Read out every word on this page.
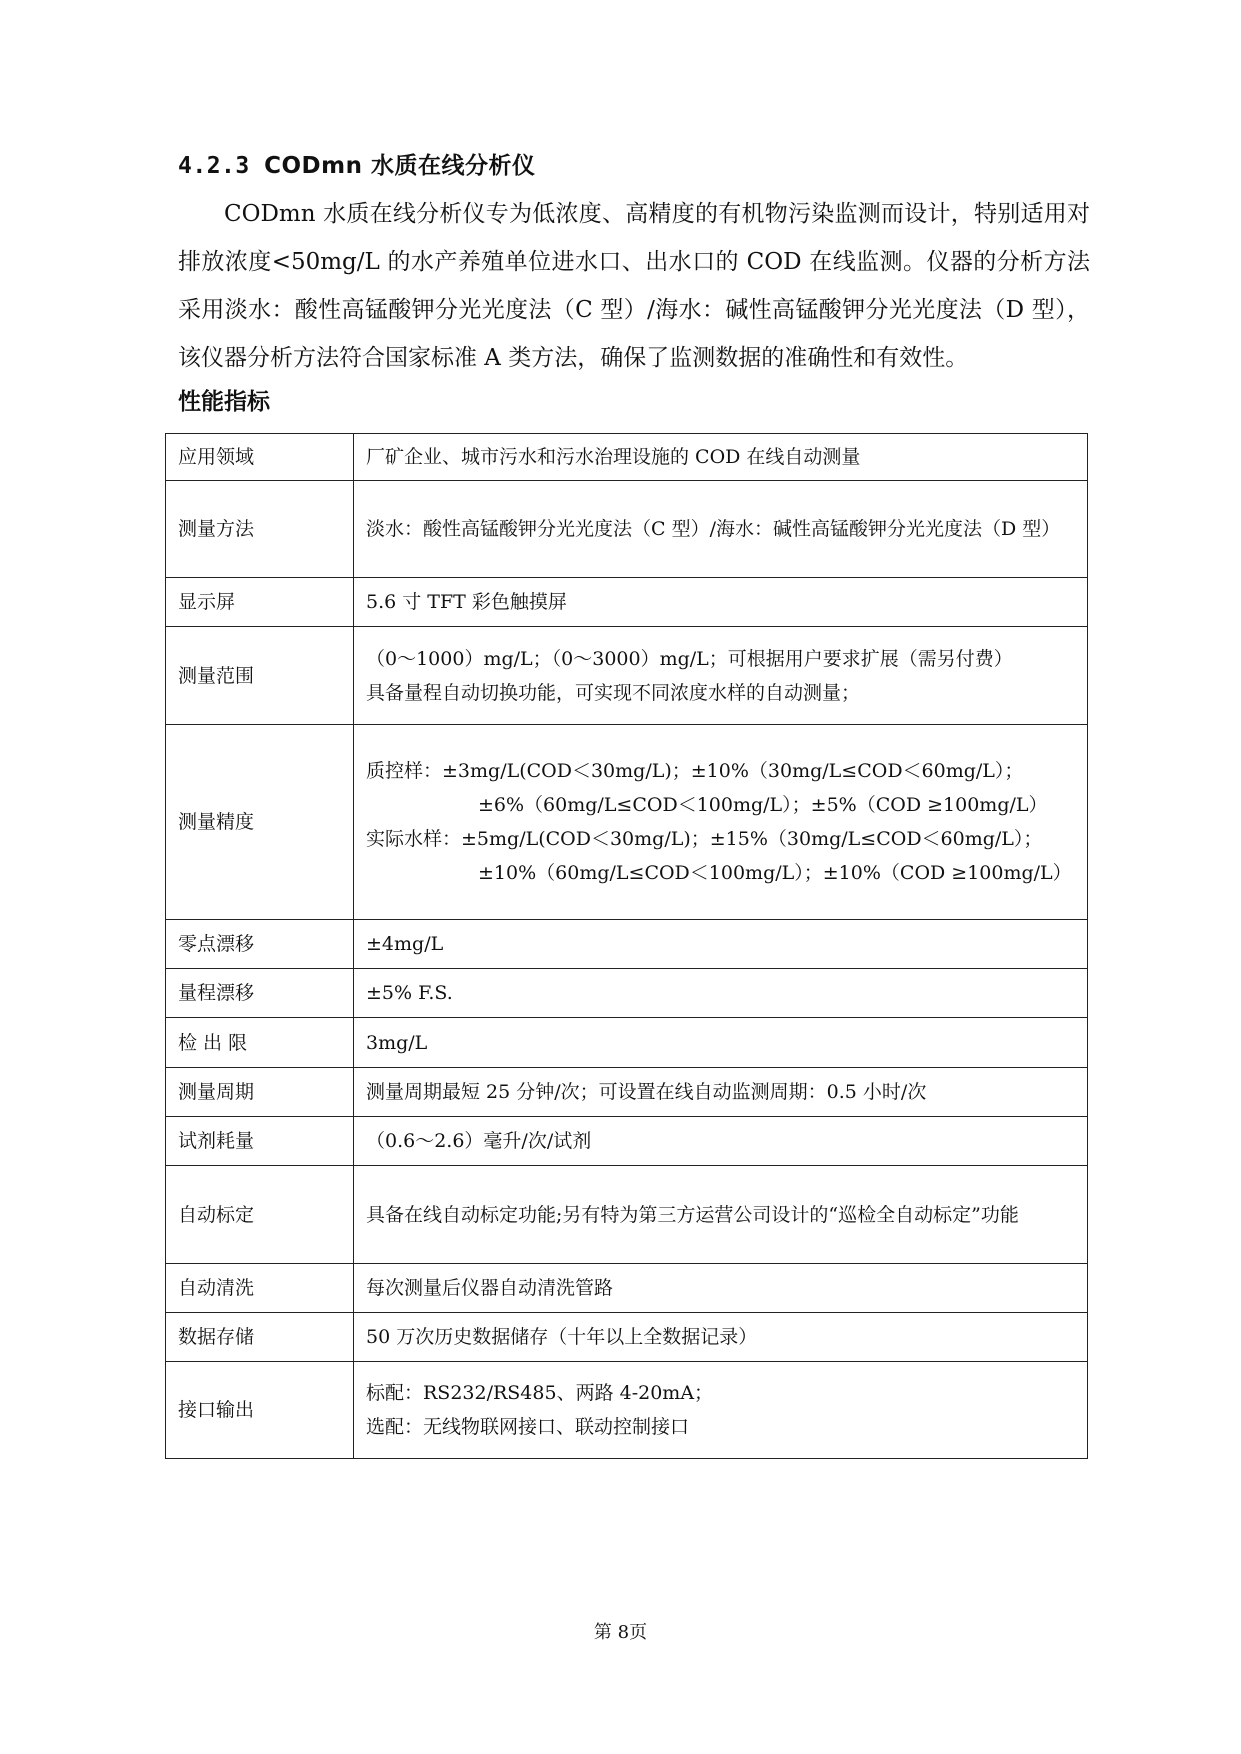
4.2.3 CODmn 水质在线分析仪

CODmn 水质在线分析仪专为低浓度、高精度的有机物污染监测而设计，特别适用对排放浓度<50mg/L 的水产养殖单位进水口、出水口的 COD 在线监测。仪器的分析方法采用淡水：酸性高锰酸钾分光光度法（C 型）/海水：碱性高锰酸钾分光光度法（D 型），该仪器分析方法符合国家标准 A 类方法，确保了监测数据的准确性和有效性。

性能指标
应用领域	厂矿企业、城市污水和污水治理设施的 COD 在线自动测量
测量方法	淡水：酸性高锰酸钾分光光度法（C 型）/海水：碱性高锰酸钾分光光度法（D 型）
显示屏	5.6 寸 TFT 彩色触摸屏
测量范围	（0～1000）mg/L；（0～3000）mg/L；可根据用户要求扩展（需另付费）
具备量程自动切换功能，可实现不同浓度水样的自动测量；

测量精度	质控样：±3mg/L(COD＜30mg/L)；±10%（30mg/L≤COD＜60mg/L）；
±6%（60mg/L≤COD＜100mg/L）；±5%（COD ≥100mg/L）
实际水样：±5mg/L(COD＜30mg/L)；±15%（30mg/L≤COD＜60mg/L）；
±10%（60mg/L≤COD＜100mg/L）；±10%（COD ≥100mg/L）

零点漂移	±4mg/L
量程漂移	±5% F.S.
检 出 限	3mg/L
测量周期	测量周期最短 25 分钟/次；可设置在线自动监测周期：0.5 小时/次
试剂耗量	（0.6～2.6）毫升/次/试剂
自动标定	具备在线自动标定功能;另有特为第三方运营公司设计的“巡检全自动标定”功能
自动清洗	每次测量后仪器自动清洗管路
数据存储	50 万次历史数据储存（十年以上全数据记录）
接口输出	标配：RS232/RS485、两路 4-20mA；
选配：无线物联网接口、联动控制接口
第 8页
